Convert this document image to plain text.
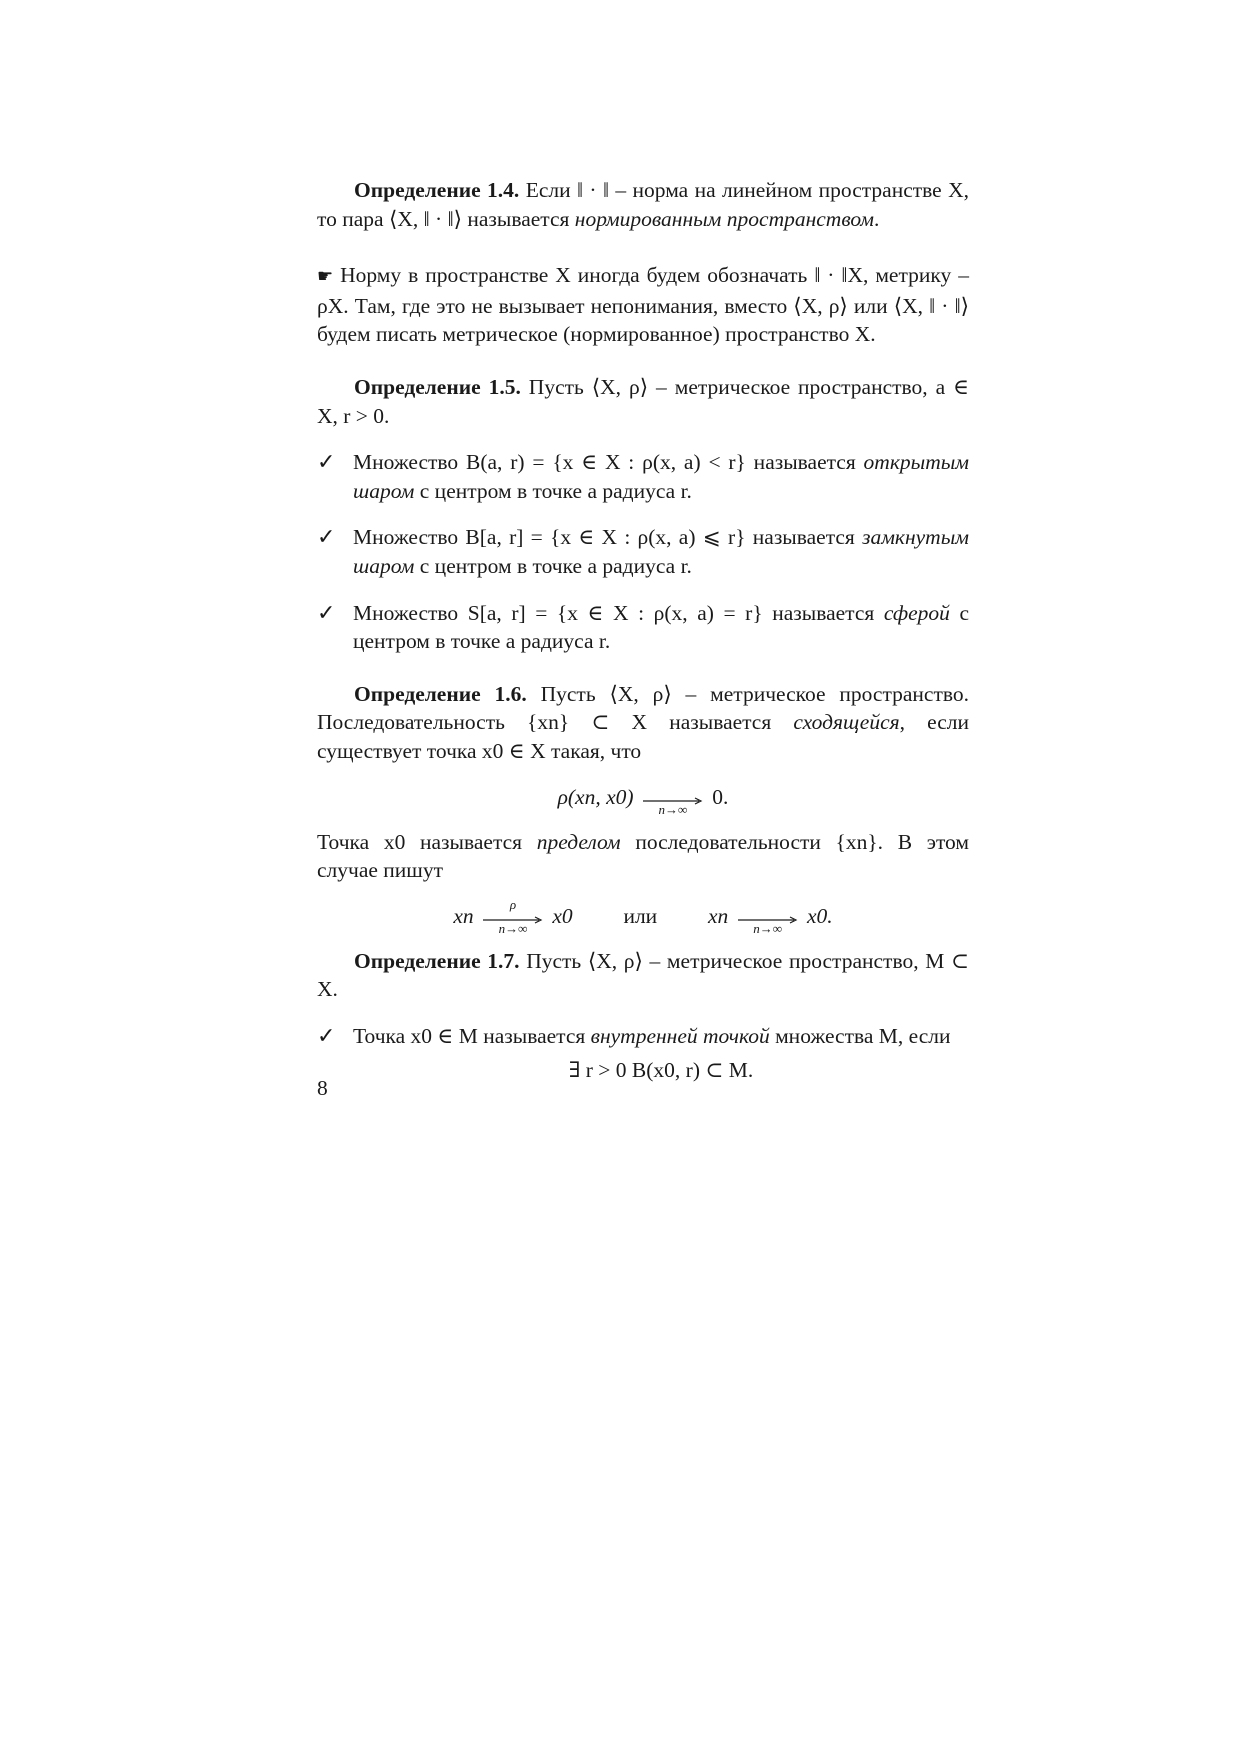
Определение 1.4. Если ‖ · ‖ – норма на линейном пространстве X, то пара ⟨X, ‖ · ‖⟩ называется нормированным пространством.

☛ Норму в пространстве X иногда будем обозначать ‖ · ‖X, метрику – ρX. Там, где это не вызывает непонимания, вместо ⟨X, ρ⟩ или ⟨X, ‖ · ‖⟩ будем писать метрическое (нормированное) пространство X.

Определение 1.5. Пусть ⟨X, ρ⟩ – метрическое пространство, a ∈ X, r > 0.

✓ Множество B(a, r) = {x ∈ X : ρ(x, a) < r} называется открытым шаром с центром в точке a радиуса r.
✓ Множество B[a, r] = {x ∈ X : ρ(x, a) ⩽ r} называется замкнутым шаром с центром в точке a радиуса r.
✓ Множество S[a, r] = {x ∈ X : ρ(x, a) = r} называется сферой с центром в точке a радиуса r.

Определение 1.6. Пусть ⟨X, ρ⟩ – метрическое пространство. Последовательность {xn} ⊂ X называется сходящейся, если существует точка x0 ∈ X такая, что

ρ(xn, x0)
n→∞
0.

Точка x0 называется пределом последовательности {xn}. В этом случае пишут

xn	ρ
n→∞
x0 или xn
n→∞
x0.

Определение 1.7. Пусть ⟨X, ρ⟩ – метрическое пространство, M ⊂ X.

✓ Точка x0 ∈ M называется внутренней точкой множества M, если
∃ r > 0 B(x0, r) ⊂ M.
8
